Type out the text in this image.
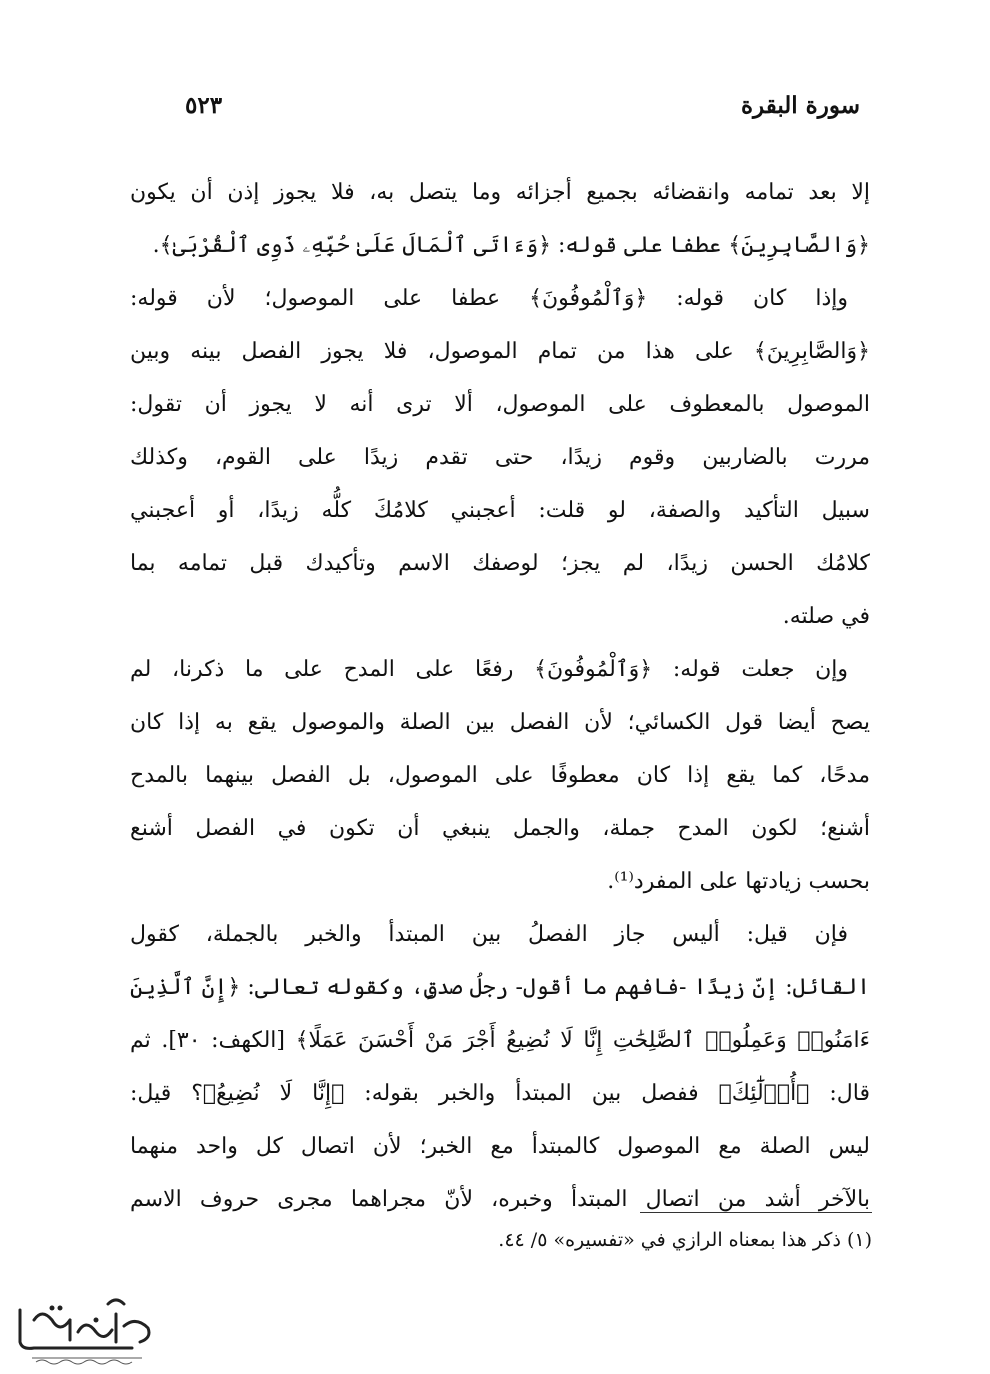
سورة البقرة
٥٢٣
إلا بعد تمامه وانقضائه بجميع أجزائه وما يتصل به، فلا يجوز إذن أن يكون
﴿وَالصَّابِرِينَ﴾ عطفا على قوله: ﴿وَءَاتَى ٱلْمَالَ عَلَىٰ حُبِّهِۦ ذَوِى ٱلْقُرْبَىٰ﴾.
وإذا كان قوله: ﴿وَٱلْمُوفُونَ﴾ عطفا على الموصول؛ لأن قوله:
﴿وَالصَّابِرِينَ﴾ على هذا من تمام الموصول، فلا يجوز الفصل بينه وبين
الموصول بالمعطوف على الموصول، ألا ترى أنه لا يجوز أن تقول:
مررت بالضاربين وقوم زيدًا، حتى تقدم زيدًا على القوم، وكذلك
سبيل التأكيد والصفة، لو قلت: أعجبني كلامُكَ كلُّه زيدًا، أو أعجبني
كلامُك الحسن زيدًا، لم يجز؛ لوصفك الاسم وتأكيدك قبل تمامه بما
في صلته.
وإن جعلت قوله: ﴿وَٱلْمُوفُونَ﴾ رفعًا على المدح على ما ذكرنا، لم
يصح أيضا قول الكسائي؛ لأن الفصل بين الصلة والموصول يقع به إذا كان
مدحًا، كما يقع إذا كان معطوفًا على الموصول، بل الفصل بينهما بالمدح
أشنع؛ لكون المدح جملة، والجمل ينبغي أن تكون في الفصل أشنع
بحسب زيادتها على المفرد⁽¹⁾.
فإن قيل: أليس جاز الفصلُ بين المبتدأ والخبر بالجملة، كقول
القائل: إنّ زيدًا -فافهم ما أقول- رجلُ صدقٍ، وكقوله تعالى: ﴿إِنَّ ٱلَّذِينَ
ءَامَنُوا۟ وَعَمِلُوا۟ ٱلصَّٰلِحَٰتِ إِنَّا لَا نُضِيعُ أَجْرَ مَنْ أَحْسَنَ عَمَلًا﴾ [الكهف: ٣٠]. ثم
قال: ﴿أُو۟لَٰٓئِكَ﴾ ففصل بين المبتدأ والخبر بقوله: ﴿إِنَّا لَا نُضِيعُ﴾؟ قيل:
ليس الصلة مع الموصول كالمبتدأ مع الخبر؛ لأن اتصال كل واحد منهما
بالآخر أشد من اتصال المبتدأ وخبره، لأنّ مجراهما مجرى حروف الاسم
(١) ذكر هذا بمعناه الرازي في «تفسيره» ٥/ ٤٤.
